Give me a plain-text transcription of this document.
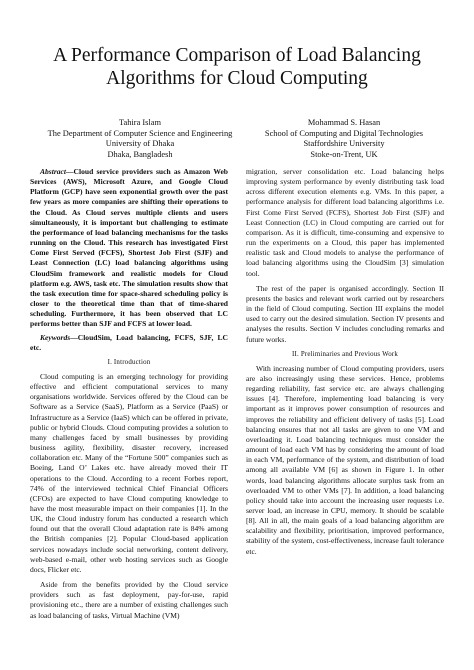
A Performance Comparison of Load Balancing
Algorithms for Cloud Computing
Tahira Islam
The Department of Computer Science and Engineering
University of Dhaka
Dhaka, Bangladesh
Mohammad S. Hasan
School of Computing and Digital Technologies
Staffordshire University
Stoke-on-Trent, UK

Abstract—Cloud service providers such as Amazon Web Services (AWS), Microsoft Azure, and Google Cloud Platform (GCP) have seen exponential growth over the past few years as more companies are shifting their operations to the Cloud. As Cloud serves multiple clients and users simultaneously, it is important but challenging to estimate the performance of load balancing mechanisms for the tasks running on the Cloud. This research has investigated First Come First Served (FCFS), Shortest Job First (SJF) and Least Connection (LC) load balancing algorithms using CloudSim framework and realistic models for Cloud platform e.g. AWS, task etc. The simulation results show that the task execution time for space-shared scheduling policy is closer to the theoretical time than that of time-shared scheduling. Furthermore, it has been observed that LC performs better than SJF and FCFS at lower load.

Keywords—CloudSim, Load balancing, FCFS, SJF, LC etc.

I. Introduction

Cloud computing is an emerging technology for providing effective and efficient computational services to many organisations worldwide. Services offered by the Cloud can be Software as a Service (SaaS), Platform as a Service (PaaS) or Infrastructure as a Service (IaaS) which can be offered in private, public or hybrid Clouds. Cloud computing provides a solution to many challenges faced by small businesses by providing business agility, flexibility, disaster recovery, increased collaboration etc. Many of the “Fortune 500” companies such as Boeing, Land O’ Lakes etc. have already moved their IT operations to the Cloud. According to a recent Forbes report, 74% of the interviewed technical Chief Financial Officers (CFOs) are expected to have Cloud computing knowledge to have the most measurable impact on their companies [1]. In the UK, the Cloud industry forum has conducted a research which found out that the overall Cloud adaptation rate is 84% among the British companies [2]. Popular Cloud-based application services nowadays include social networking, content delivery, web-based e-mail, other web hosting services such as Google docs, Flicker etc.

Aside from the benefits provided by the Cloud service providers such as fast deployment, pay-for-use, rapid provisioning etc., there are a number of existing challenges such as load balancing of tasks, Virtual Machine (VM)

migration, server consolidation etc. Load balancing helps improving system performance by evenly distributing task load across different execution elements e.g. VMs. In this paper, a performance analysis for different load balancing algorithms i.e. First Come First Served (FCFS), Shortest Job First (SJF) and Least Connection (LC) in Cloud computing are carried out for comparison. As it is difficult, time-consuming and expensive to run the experiments on a Cloud, this paper has implemented realistic task and Cloud models to analyse the performance of load balancing algorithms using the CloudSim [3] simulation tool.

The rest of the paper is organised accordingly. Section II presents the basics and relevant work carried out by researchers in the field of Cloud computing. Section III explains the model used to carry out the desired simulation. Section IV presents and analyses the results. Section V includes concluding remarks and future works.

II. Preliminaries and Previous Work

With increasing number of Cloud computing providers, users are also increasingly using these services. Hence, problems regarding reliability, fast service etc. are always challenging issues [4]. Therefore, implementing load balancing is very important as it improves power consumption of resources and improves the reliability and efficient delivery of tasks [5]. Load balancing ensures that not all tasks are given to one VM and overloading it. Load balancing techniques must consider the amount of load each VM has by considering the amount of load in each VM, performance of the system, and distribution of load among all available VM [6] as shown in Figure 1. In other words, load balancing algorithms allocate surplus task from an overloaded VM to other VMs [7]. In addition, a load balancing policy should take into account the increasing user requests i.e. server load, an increase in CPU, memory. It should be scalable [8]. All in all, the main goals of a load balancing algorithm are scalability and flexibility, prioritisation, improved performance, stability of the system, cost-effectiveness, increase fault tolerance etc.
